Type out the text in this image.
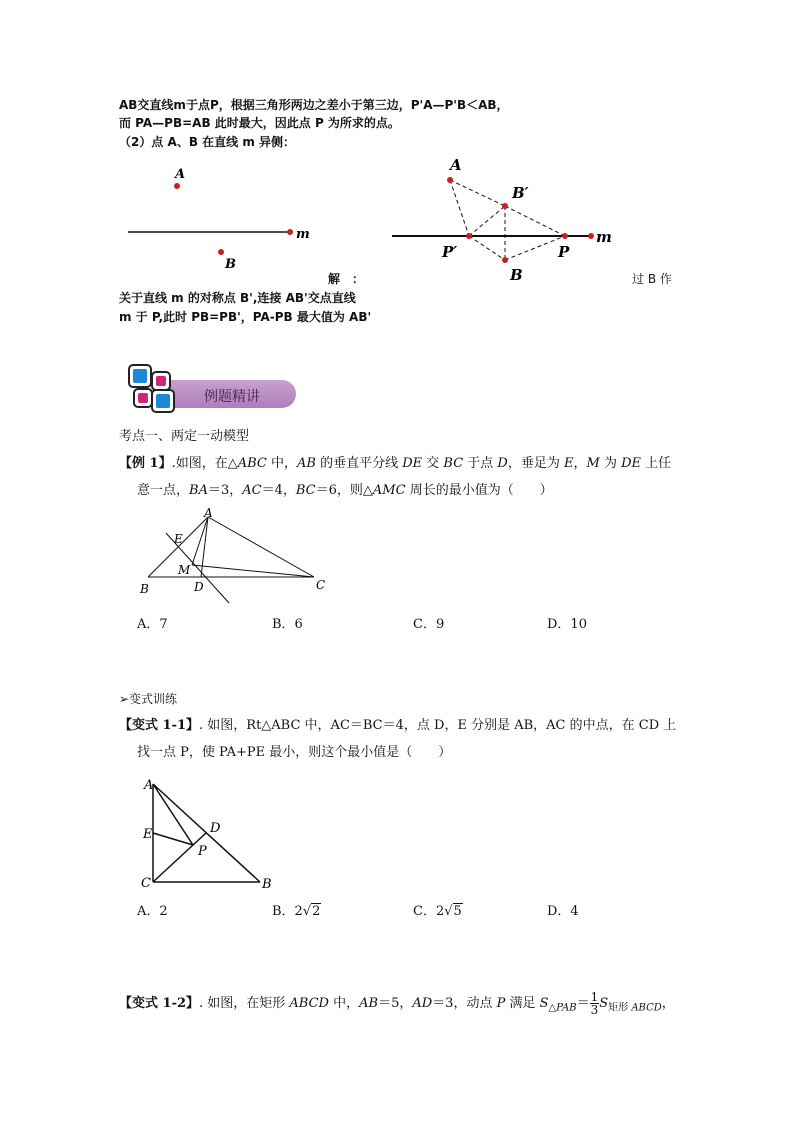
AB交直线m于点P，根据三角形两边之差小于第三边，P'A—P'B＜AB，
而 PA—PB=AB 此时最大，因此点 P 为所求的点。
（2）点 A、B 在直线 m 异侧：
A
B
m
A
B′
P′	P
m
B
解　：	过 B 作
关于直线 m 的对称点 B',连接 AB'交点直线
m 于 P,此时 PB=PB'，PA-PB 最大值为 AB'
例题精讲
考点一、两定一动模型
【例 1】.如图，在△ABC 中，AB 的垂直平分线 DE 交 BC 于点 D，垂足为 E，M 为 DE 上任
意一点，BA＝3，AC＝4，BC＝6，则△AMC 周长的最小值为（　　）
A
E
M
B	D	C
A．7	B．6	C．9	D．10
➢变式训练
【变式 1-1】. 如图，Rt△ABC 中，AC＝BC＝4，点 D，E 分别是 AB，AC 的中点，在 CD 上
找一点 P，使 PA+PE 最小，则这个最小值是（　　）
A
E	D
P
C	B
A．2	B．2√2	C．2√5	D．4
【变式 1-2】. 如图，在矩形 ABCD 中，AB＝5，AD＝3，动点 P 满足 $S_{\triangle PAB}= \frac{1}{3} S_{矩形 ABCD}$，
